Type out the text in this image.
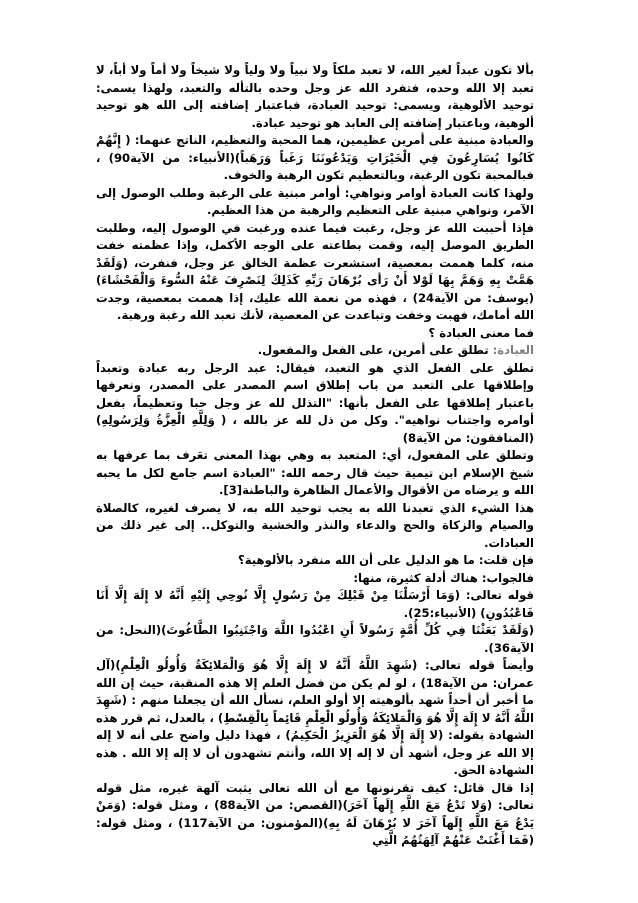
بألا تكون عبداً لغير الله، لا تعبد ملكاً ولا نبياً ولا ولياً ولا شيخاً ولا أماً ولا أباً، لا تعبد إلا الله وحده، فتفرد الله عز وجل وحده بالتأله والتعبد، ولهذا يسمى: توحيد الألوهية، ويسمى: توحيد العبادة، فباعتبار إضافته إلى الله هو توحيد ألوهية، وباعتبار إضافته إلى العابد هو توحيد عبادة.

والعبادة مبنية على أمرين عظيمين، هما المحبة والتعظيم، الناتج عنهما: ( إِنَّهُمْ كَانُوا يُسَارِعُونَ فِي الْخَيْرَاتِ وَيَدْعُونَنَا رَغَباً وَرَهَباً)(الأنبياء: من الآية90) ، فبالمحبة تكون الرغبة، وبالتعظيم تكون الرهبة والخوف.

ولهذا كانت العبادة أوامر ونواهي: أوامر مبنية على الرغبة وطلب الوصول إلى الآمر، ونواهي مبنية على التعظيم والرهبة من هذا العظيم.

فإذا أحببت الله عز وجل، رغبت فيما عنده ورغبت في الوصول إليه، وطلبت الطريق الموصل إليه، وقمت بطاعته على الوجه الأكمل، وإذا عظمته خفت منه، كلما هممت بمعصية، استشعرت عظمة الخالق عز وجل، فنفرت، (وَلَقَدْ هَمَّتْ بِهِ وَهَمَّ بِهَا لَوْلا أَنْ رَأى بُرْهَانَ رَبِّهِ كَذَلِكَ لِنَصْرِفَ عَنْهُ السُّوءَ وَالْفَحْشَاءَ)(يوسف: من الآية24) ، فهذه من نعمة الله عليك، إذا هممت بمعصية، وجدت الله أمامك، فهبت وخفت وتباعدت عن المعصية، لأنك تعبد الله رغبة ورهبة.

فما معنى العبادة ؟

العبادة: تطلق على أمرين، على الفعل والمفعول.

تطلق على الفعل الذي هو التعبد، فيقال: عبد الرجل ربه عبادة وتعبداً وإطلاقها على التعبد من باب إطلاق اسم المصدر على المصدر، ونعرفها باعتبار إطلاقها على الفعل بأنها: "التذلل لله عز وجل حبا وتعظيماً، بفعل أوامره واجتناب نواهيه". وكل من ذل لله عز بالله ، ( وَلِلَّهِ الْعِزَّةُ وَلِرَسُولِهِ)(المنافقون: من الآية8)

وتطلق على المفعول، أي: المتعبد به وهي بهذا المعنى تعَرف بما عرفها به شيخ الإسلام ابن تيمية حيث قال رحمه الله: "العبادة اسم جامع لكل ما يحبه الله و يرضاه من الأقوال والأعمال الظاهرة والباطنة[3].

هذا الشيء الذي تعبدنا الله به يجب توحيد الله به، لا يصرف لغيره، كالصلاة والصيام والزكاة والحج والدعاء والنذر والخشية والتوكل.. إلى غير ذلك من العبادات.

فإن قلت: ما هو الدليل على أن الله منفرد بالألوهية؟

فالجواب: هناك أدلة كثيرة، منها:

قوله تعالى: (وَمَا أَرْسَلْنَا مِنْ قَبْلِكَ مِنْ رَسُولٍ إِلَّا نُوحِي إِلَيْهِ أَنَّهُ لا إِلَهَ إِلَّا أَنَا فَاعْبُدُونِ) (الأنبياء:25).

(وَلَقَدْ بَعَثْنَا فِي كُلِّ أُمَّةٍ رَسُولاً أَنِ اعْبُدُوا اللَّهَ وَاجْتَنِبُوا الطَّاغُوتَ)(النحل: من الآية36).

وأيضاً قوله تعالى: (شَهِدَ اللَّهُ أَنَّهُ لا إِلَهَ إِلَّا هُوَ وَالْمَلائِكَةُ وَأُولُو الْعِلْمِ)(آل عمران: من الآية18) ، لو لم يكن من فضل العلم إلا هذه المنقبة، حيث إن الله ما أخبر أن أحداً شهد بألوهيته إلا أولو العلم، نسأل الله أن يجعلنا منهم : (شَهِدَ اللَّهُ أَنَّهُ لا إِلَهَ إِلَّا هُوَ وَالْمَلائِكَةُ وَأُولُو الْعِلْمِ قَائِماً بِالْقِسْطِ) ، بالعدل، ثم قرر هذه الشهادة بقوله: (لا إِلَهَ إِلَّا هُوَ الْعَزِيزُ الْحَكِيمُ) ، فهذا دليل واضح على أنه لا إله إلا الله عز وجل، أشهد أن لا إله إلا الله، وأنتم تشهدون أن لا إله إلا الله . هذه الشهادة الحق.

إذا قال قائل: كيف تقرنونها مع أن الله تعالى يثبت آلهة غيره، مثل قوله تعالى: (وَلا تَدْعُ مَعَ اللَّهِ إِلَهاً آخَرَ)(القصص: من الآية88) ، ومثل قوله: (وَمَنْ يَدْعُ مَعَ اللَّهِ إِلَهاً آخَرَ لا بُرْهَانَ لَهُ بِهِ)(المؤمنون: من الآية117) ، ومثل قوله: (فَمَا أَغْنَتْ عَنْهُمْ آلِهَتُهُمُ الَّتِي
